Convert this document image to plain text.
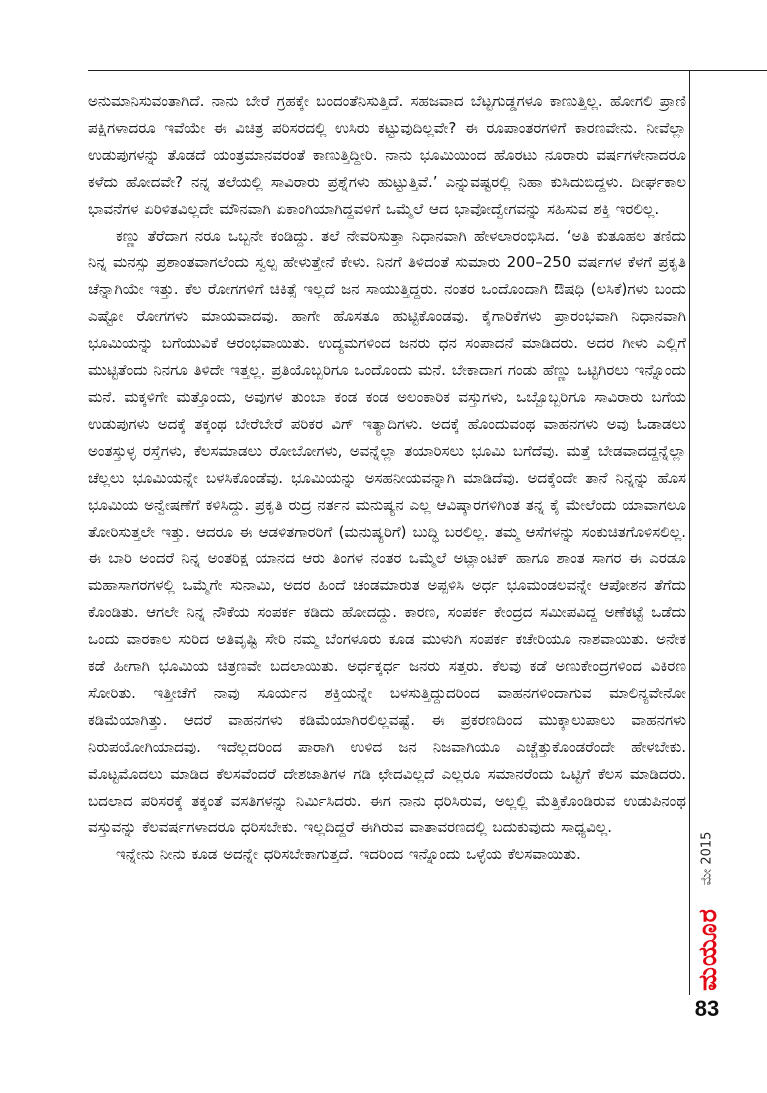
ಅನುಮಾನಿಸುವಂತಾಗಿದೆ. ನಾನು ಬೇರೆ ಗ್ರಹಕ್ಕೇ ಬಂದಂತೆನಿಸುತ್ತಿದೆ. ಸಹಜವಾದ ಬೆಟ್ಟಗುಡ್ಡಗಳೂ ಕಾಣುತ್ತಿಲ್ಲ. ಹೋಗಲಿ ಪ್ರಾಣಿ ಪಕ್ಷಿಗಳಾದರೂ ಇವೆಯೇ ಈ ವಿಚಿತ್ರ ಪರಿಸರದಲ್ಲಿ ಉಸಿರು ಕಟ್ಟುವುದಿಲ್ಲವೇ? ಈ ರೂಪಾಂತರಗಳಿಗೆ ಕಾರಣವೇನು. ನೀವೆಲ್ಲಾ ಉಡುಪುಗಳನ್ನು ತೊಡದೆ ಯಂತ್ರಮಾನವರಂತೆ ಕಾಣುತ್ತಿದ್ದೀರಿ. ನಾನು ಭೂಮಿಯಿಂದ ಹೊರಟು ನೂರಾರು ವರ್ಷಗಳೇನಾದರೂ ಕಳೆದು ಹೋದವೇ? ನನ್ನ ತಲೆಯಲ್ಲಿ ಸಾವಿರಾರು ಪ್ರಶ್ನೆಗಳು ಹುಟ್ಟುತ್ತಿವೆ.’ ಎನ್ನುವಷ್ಟರಲ್ಲಿ ನಿಹಾ ಕುಸಿದುಬಿದ್ದಳು. ದೀರ್ಘಕಾಲ ಭಾವನೆಗಳ ಏರಿಳಿತವಿಲ್ಲದೇ ಮೌನವಾಗಿ ಏಕಾಂಗಿಯಾಗಿದ್ದವಳಿಗೆ ಒಮ್ಮೆಲೆ ಆದ ಭಾವೋದ್ವೇಗವನ್ನು ಸಹಿಸುವ ಶಕ್ತಿ ಇರಲಿಲ್ಲ.

ಕಣ್ಣು ತೆರೆದಾಗ ನರೂ ಒಬ್ಬನೇ ಕಂಡಿದ್ದು. ತಲೆ ನೇವರಿಸುತ್ತಾ ನಿಧಾನವಾಗಿ ಹೇಳಲಾರಂಭಿಸಿದ. ‘ಅತಿ ಕುತೂಹಲ ತಣಿದು ನಿನ್ನ ಮನಸ್ಸು ಪ್ರಶಾಂತವಾಗಲೆಂದು ಸ್ವಲ್ಪ ಹೇಳುತ್ತೇನೆ ಕೇಳು. ನಿನಗೆ ತಿಳಿದಂತೆ ಸುಮಾರು 200–250 ವರ್ಷಗಳ ಕೆಳಗೆ ಪ್ರಕೃತಿ ಚೆನ್ನಾಗಿಯೇ ಇತ್ತು. ಕೆಲ ರೋಗಗಳಿಗೆ ಚಿಕಿತ್ಸೆ ಇಲ್ಲದೆ ಜನ ಸಾಯುತ್ತಿದ್ದರು. ನಂತರ ಒಂದೊಂದಾಗಿ ಔಷಧಿ (ಲಸಿಕೆ)ಗಳು ಬಂದು ಎಷ್ಟೋ ರೋಗಗಳು ಮಾಯವಾದವು. ಹಾಗೇ ಹೊಸತೂ ಹುಟ್ಟಿಕೊಂಡವು. ಕೈಗಾರಿಕೆಗಳು ಪ್ರಾರಂಭವಾಗಿ ನಿಧಾನವಾಗಿ ಭೂಮಿಯನ್ನು ಬಗೆಯುವಿಕೆ ಆರಂಭವಾಯಿತು. ಉದ್ಯಮಗಳಿಂದ ಜನರು ಧನ ಸಂಪಾದನೆ ಮಾಡಿದರು. ಅದರ ಗೀಳು ಎಲ್ಲಿಗೆ ಮುಟ್ಟಿತೆಂದು ನಿನಗೂ ತಿಳಿದೇ ಇತ್ತಲ್ಲ. ಪ್ರತಿಯೊಬ್ಬರಿಗೂ ಒಂದೊಂದು ಮನೆ. ಬೇಕಾದಾಗ ಗಂಡು ಹೆಣ್ಣು ಒಟ್ಟಿಗಿರಲು ಇನ್ನೊಂದು ಮನೆ. ಮಕ್ಕಳಿಗೇ ಮತ್ತೊಂದು, ಅವುಗಳ ತುಂಬಾ ಕಂಡ ಕಂಡ ಅಲಂಕಾರಿಕ ವಸ್ತುಗಳು, ಒಬ್ಬೊಬ್ಬರಿಗೂ ಸಾವಿರಾರು ಬಗೆಯ ಉಡುಪುಗಳು ಅದಕ್ಕೆ ತಕ್ಕಂಥ ಬೇರೆಬೇರೆ ಪರಿಕರ ವಿಗ್ ಇತ್ಯಾದಿಗಳು. ಅದಕ್ಕೆ ಹೊಂದುವಂಥ ವಾಹನಗಳು ಅವು ಓಡಾಡಲು ಅಂತಸ್ತುಳ್ಳ ರಸ್ತೆಗಳು, ಕೆಲಸಮಾಡಲು ರೋಬೋಗಳು, ಅವನ್ನೆಲ್ಲಾ ತಯಾರಿಸಲು ಭೂಮಿ ಬಗೆದೆವು. ಮತ್ತೆ ಬೇಡವಾದದ್ದನ್ನೆಲ್ಲಾ ಚೆಲ್ಲಲು ಭೂಮಿಯನ್ನೇ ಬಳಸಿಕೊಂಡೆವು. ಭೂಮಿಯನ್ನು ಅಸಹನೀಯವನ್ನಾಗಿ ಮಾಡಿದೆವು. ಅದಕ್ಕೆಂದೇ ತಾನೆ ನಿನ್ನನ್ನು ಹೊಸ ಭೂಮಿಯ ಅನ್ವೇಷಣೆಗೆ ಕಳಿಸಿದ್ದು. ಪ್ರಕೃತಿ ರುದ್ರ ನರ್ತನ ಮನುಷ್ಯನ ಎಲ್ಲ ಆವಿಷ್ಕಾರಗಳಿಗಿಂತ ತನ್ನ ಕೈ ಮೇಲೆಂದು ಯಾವಾಗಲೂ ತೋರಿಸುತ್ತಲೇ ಇತ್ತು. ಆದರೂ ಈ ಆಡಳಿತಗಾರರಿಗೆ (ಮನುಷ್ಯರಿಗೆ) ಬುದ್ಧಿ ಬರಲಿಲ್ಲ. ತಮ್ಮ ಆಸೆಗಳನ್ನು ಸಂಕುಚಿತಗೊಳಿಸಲಿಲ್ಲ. ಈ ಬಾರಿ ಅಂದರೆ ನಿನ್ನ ಅಂತರಿಕ್ಷ ಯಾನದ ಆರು ತಿಂಗಳ ನಂತರ ಒಮ್ಮೆಲೆ ಅಟ್ಲಾಂಟಿಕ್ ಹಾಗೂ ಶಾಂತ ಸಾಗರ ಈ ಎರಡೂ ಮಹಾಸಾಗರಗಳಲ್ಲಿ ಒಮ್ಮೆಗೇ ಸುನಾಮಿ, ಅದರ ಹಿಂದೆ ಚಂಡಮಾರುತ ಅಪ್ಪಳಿಸಿ ಅರ್ಧ ಭೂಮಂಡಲವನ್ನೇ ಆಪೋಶನ ತೆಗೆದು ಕೊಂಡಿತು. ಆಗಲೇ ನಿನ್ನ ನೌಕೆಯ ಸಂಪರ್ಕ ಕಡಿದು ಹೋದದ್ದು. ಕಾರಣ, ಸಂಪರ್ಕ ಕೇಂದ್ರದ ಸಮೀಪವಿದ್ದ ಅಣೆಕಟ್ಟೆ ಒಡೆದು ಒಂದು ವಾರಕಾಲ ಸುರಿದ ಅತಿವೃಷ್ಟಿ ಸೇರಿ ನಮ್ಮ ಬೆಂಗಳೂರು ಕೂಡ ಮುಳುಗಿ ಸಂಪರ್ಕ ಕಚೇರಿಯೂ ನಾಶವಾಯಿತು. ಅನೇಕ ಕಡೆ ಹೀಗಾಗಿ ಭೂಮಿಯ ಚಿತ್ರಣವೇ ಬದಲಾಯಿತು. ಅರ್ಧಕ್ಕರ್ಧ ಜನರು ಸತ್ತರು. ಕೆಲವು ಕಡೆ ಅಣುಕೇಂದ್ರಗಳಿಂದ ವಿಕಿರಣ ಸೋರಿತು. ಇತ್ತೀಚೆಗೆ ನಾವು ಸೂರ್ಯನ ಶಕ್ತಿಯನ್ನೇ ಬಳಸುತ್ತಿದ್ದುದರಿಂದ ವಾಹನಗಳಿಂದಾಗುವ ಮಾಲಿನ್ಯವೇನೋ ಕಡಿಮೆಯಾಗಿತ್ತು. ಆದರೆ ವಾಹನಗಳು ಕಡಿಮೆಯಾಗಿರಲಿಲ್ಲವಷ್ಟೆ. ಈ ಪ್ರಕರಣದಿಂದ ಮುಕ್ಕಾಲುಪಾಲು ವಾಹನಗಳು ನಿರುಪಯೋಗಿಯಾದವು. ಇದೆಲ್ಲದರಿಂದ ಪಾರಾಗಿ ಉಳಿದ ಜನ ನಿಜವಾಗಿಯೂ ಎಚ್ಚೆತ್ತುಕೊಂಡರೆಂದೇ ಹೇಳಬೇಕು. ಮೊಟ್ಟಮೊದಲು ಮಾಡಿದ ಕೆಲಸವೆಂದರೆ ದೇಶಜಾತಿಗಳ ಗಡಿ ಛೇದವಿಲ್ಲದೆ ಎಲ್ಲರೂ ಸಮಾನರೆಂದು ಒಟ್ಟಿಗೆ ಕೆಲಸ ಮಾಡಿದರು. ಬದಲಾದ ಪರಿಸರಕ್ಕೆ ತಕ್ಕಂತೆ ವಸತಿಗಳನ್ನು ನಿರ್ಮಿಸಿದರು. ಈಗ ನಾನು ಧರಿಸಿರುವ, ಅಲ್ಲಲ್ಲಿ ಮೆತ್ತಿಕೊಂಡಿರುವ ಉಡುಪಿನಂಥ ವಸ್ತುವನ್ನು ಕೆಲವರ್ಷಗಳಾದರೂ ಧರಿಸಬೇಕು. ಇಲ್ಲದಿದ್ದರೆ ಈಗಿರುವ ವಾತಾವರಣದಲ್ಲಿ ಬದುಕುವುದು ಸಾಧ್ಯವಿಲ್ಲ.

ಇನ್ನೇನು ನೀನು ಕೂಡ ಅದನ್ನೇ ಧರಿಸಬೇಕಾಗುತ್ತದೆ. ಇದರಿಂದ ಇನ್ನೊಂದು ಒಳ್ಳೆಯ ಕೆಲಸವಾಯಿತು.	ಮೇ 2015
ಮಯೂರ
83
